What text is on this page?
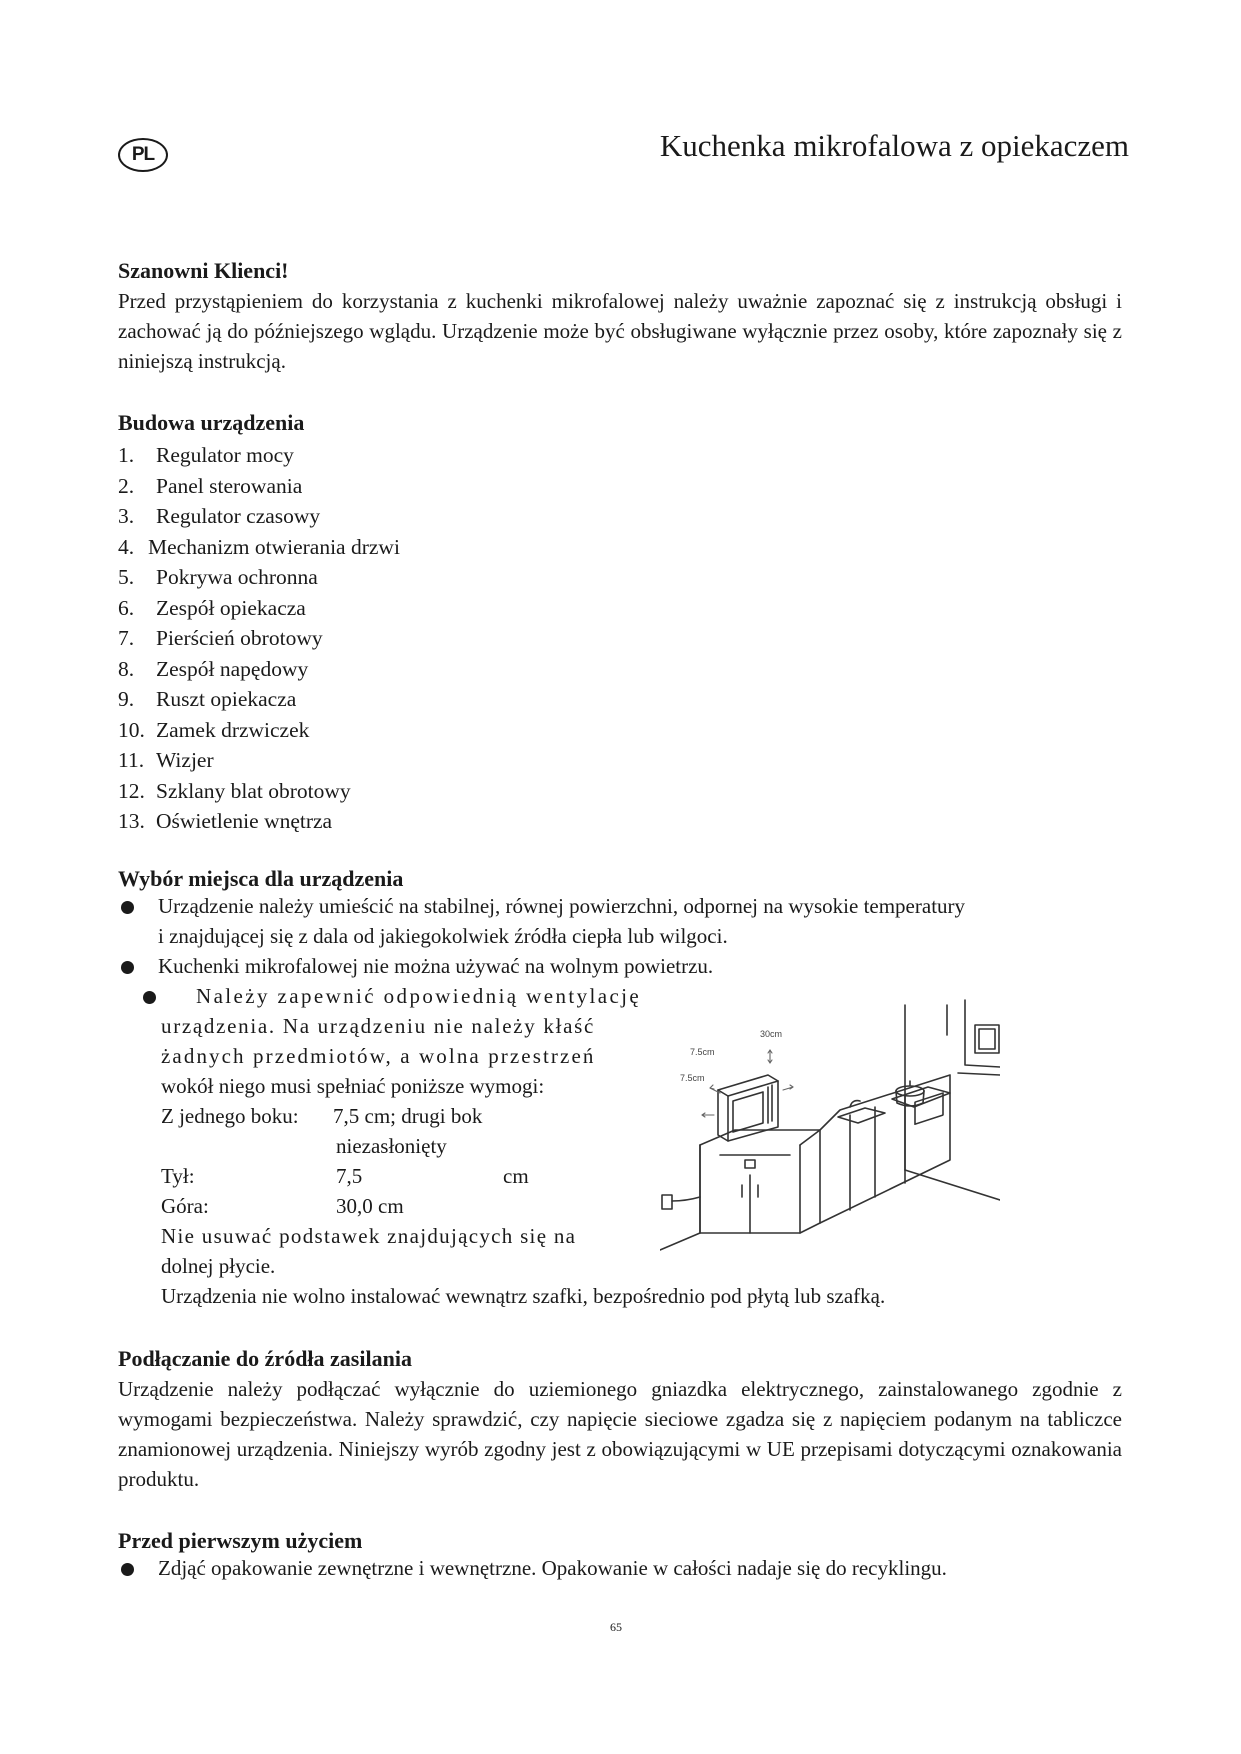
PL	Kuchenka mikrofalowa z opiekaczem
Szanowni Klienci!
Przed przystąpieniem do korzystania z kuchenki mikrofalowej należy uważnie zapoznać się z instrukcją obsługi i zachować ją do późniejszego wglądu. Urządzenie może być obsługiwane wyłącznie przez osoby, które zapoznały się z niniejszą instrukcją.
Budowa urządzenia
1.	Regulator mocy
2.	Panel sterowania
3.	Regulator czasowy
4. Mechanizm otwierania drzwi
5.	Pokrywa ochronna
6.	Zespół opiekacza
7.	Pierścień obrotowy
8.	Zespół napędowy
9.	Ruszt opiekacza
10. Zamek drzwiczek
11. Wizjer
12. Szklany blat obrotowy
13. Oświetlenie wnętrza
Wybór miejsca dla urządzenia
Urządzenie należy umieścić na stabilnej, równej powierzchni, odpornej na wysokie temperatury
i znajdującej się z dala od jakiegokolwiek źródła ciepła lub wilgoci.
Kuchenki mikrofalowej nie można używać na wolnym powietrzu.
Należy zapewnić odpowiednią wentylację
urządzenia. Na urządzeniu nie należy kłaść
żadnych przedmiotów, a wolna przestrzeń
wokół niego musi spełniać poniższe wymogi:
Z jednego boku: 7,5 cm; drugi bok
niezasłonięty
Tył:	7,5	cm
Góra:	30,0 cm
Nie usuwać podstawek znajdujących się na
dolnej płycie.
Urządzenia nie wolno instalować wewnątrz szafki, bezpośrednio pod płytą lub szafką.
7.5cm
30cm
7.5cm
Podłączanie do źródła zasilania
Urządzenie należy podłączać wyłącznie do uziemionego gniazdka elektrycznego, zainstalowanego zgodnie z wymogami bezpieczeństwa. Należy sprawdzić, czy napięcie sieciowe zgadza się z napięciem podanym na tabliczce znamionowej urządzenia. Niniejszy wyrób zgodny jest z obowiązującymi w UE przepisami dotyczącymi oznakowania produktu.
Przed pierwszym użyciem
Zdjąć opakowanie zewnętrzne i wewnętrzne. Opakowanie w całości nadaje się do recyklingu.
65
